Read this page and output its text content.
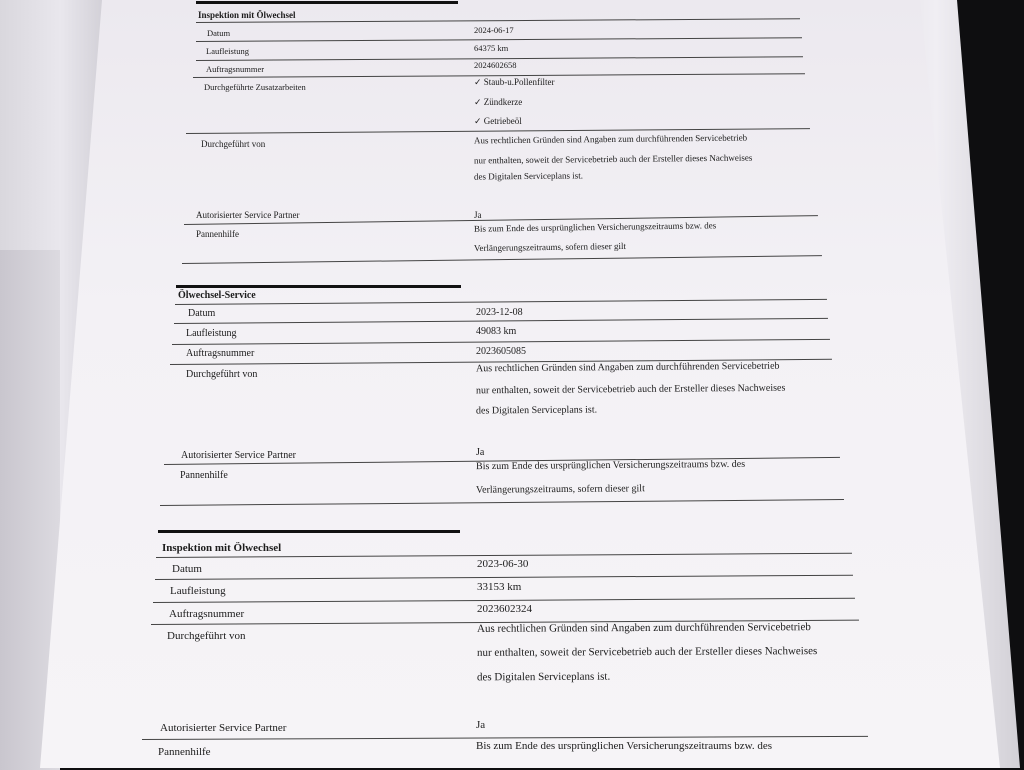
Inspektion mit Ölwechsel
Datum	2024-06-17
Laufleistung	64375 km
Auftragsnummer	2024602658
Durchgeführte Zusatzarbeiten	✓ Staub-u.Pollenfilter
✓ Zündkerze
✓ Getriebeöl
Durchgeführt von	Aus rechtlichen Gründen sind Angaben zum durchführenden Servicebetrieb
nur enthalten, soweit der Servicebetrieb auch der Ersteller dieses Nachweises
des Digitalen Serviceplans ist.
Autorisierter Service Partner	Ja
Pannenhilfe
Bis zum Ende des ursprünglichen Versicherungszeitraums bzw. des
Verlängerungszeitraums, sofern dieser gilt
Ölwechsel-Service
Datum	2023-12-08
Laufleistung	49083 km
Auftragsnummer	2023605085
Durchgeführt von
Aus rechtlichen Gründen sind Angaben zum durchführenden Servicebetrieb
nur enthalten, soweit der Servicebetrieb auch der Ersteller dieses Nachweises
des Digitalen Serviceplans ist.
Autorisierter Service Partner	Ja
Pannenhilfe
Bis zum Ende des ursprünglichen Versicherungszeitraums bzw. des
Verlängerungszeitraums, sofern dieser gilt
Inspektion mit Ölwechsel
Datum	2023-06-30
Laufleistung	33153 km
Auftragsnummer	2023602324
Durchgeführt von
Aus rechtlichen Gründen sind Angaben zum durchführenden Servicebetrieb
nur enthalten, soweit der Servicebetrieb auch der Ersteller dieses Nachweises
des Digitalen Serviceplans ist.
Autorisierter Service Partner	Ja
Pannenhilfe	Bis zum Ende des ursprünglichen Versicherungszeitraums bzw. des
